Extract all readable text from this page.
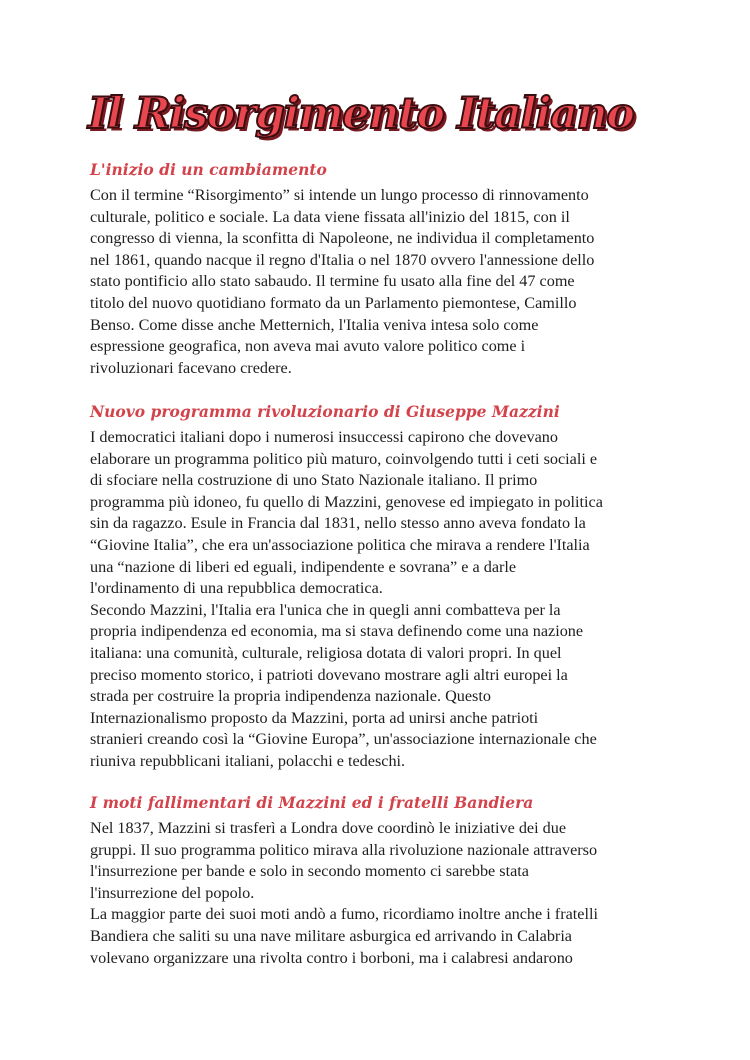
Il Risorgimento Italiano
L'inizio di un cambiamento

Con il termine “Risorgimento” si intende un lungo processo di rinnovamento

culturale, politico e sociale. La data viene fissata all'inizio del 1815, con il

congresso di vienna, la sconfitta di Napoleone, ne individua il completamento

nel 1861, quando nacque il regno d'Italia o nel 1870 ovvero l'annessione dello

stato pontificio allo stato sabaudo. Il termine fu usato alla fine del 47 come

titolo del nuovo quotidiano formato da un Parlamento piemontese, Camillo

Benso. Come disse anche Metternich, l'Italia veniva intesa solo come

espressione geografica, non aveva mai avuto valore politico come i

rivoluzionari facevano credere.

Nuovo programma rivoluzionario di Giuseppe Mazzini

I democratici italiani dopo i numerosi insuccessi capirono che dovevano

elaborare un programma politico più maturo, coinvolgendo tutti i ceti sociali e

di sfociare nella costruzione di uno Stato Nazionale italiano. Il primo

programma più idoneo, fu quello di Mazzini, genovese ed impiegato in politica

sin da ragazzo. Esule in Francia dal 1831, nello stesso anno aveva fondato la

“Giovine Italia”, che era un'associazione politica che mirava a rendere l'Italia

una “nazione di liberi ed eguali, indipendente e sovrana” e a darle

l'ordinamento di una repubblica democratica.

Secondo Mazzini, l'Italia era l'unica che in quegli anni combatteva per la

propria indipendenza ed economia, ma si stava definendo come una nazione

italiana: una comunità, culturale, religiosa dotata di valori propri. In quel

preciso momento storico, i patrioti dovevano mostrare agli altri europei la

strada per costruire la propria indipendenza nazionale. Questo

Internazionalismo proposto da Mazzini, porta ad unirsi anche patrioti

stranieri creando così la “Giovine Europa”, un'associazione internazionale che

riuniva repubblicani italiani, polacchi e tedeschi.

I moti fallimentari di Mazzini ed i fratelli Bandiera

Nel 1837, Mazzini si trasferì a Londra dove coordinò le iniziative dei due

gruppi. Il suo programma politico mirava alla rivoluzione nazionale attraverso

l'insurrezione per bande e solo in secondo momento ci sarebbe stata

l'insurrezione del popolo.

La maggior parte dei suoi moti andò a fumo, ricordiamo inoltre anche i fratelli

Bandiera che saliti su una nave militare asburgica ed arrivando in Calabria

volevano organizzare una rivolta contro i borboni, ma i calabresi andarono
